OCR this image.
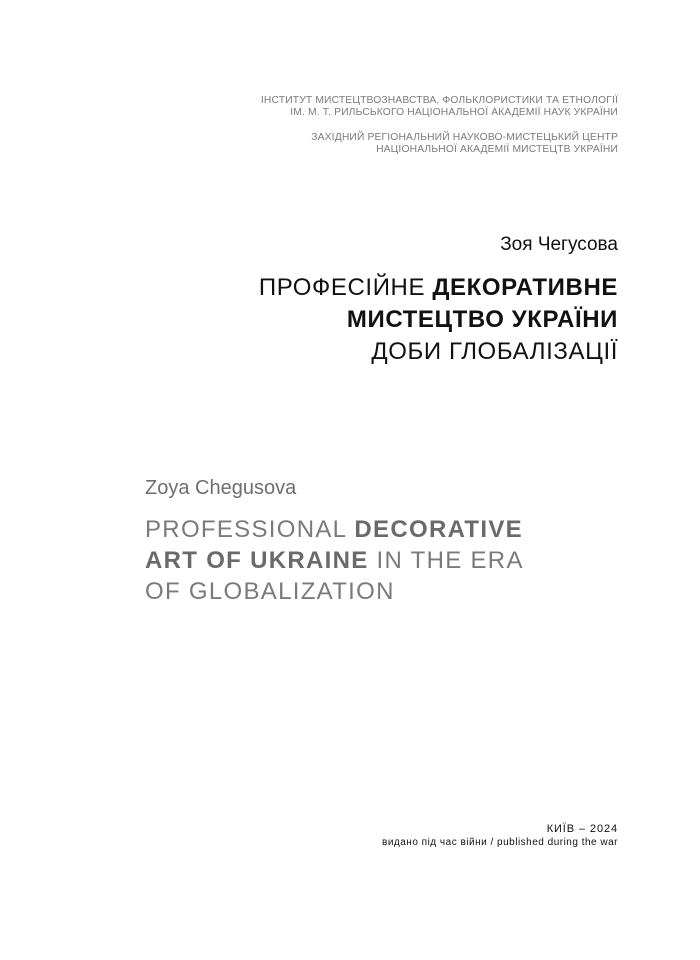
ІНСТИТУТ МИСТЕЦТВОЗНАВСТВА, ФОЛЬКЛОРИСТИКИ ТА ЕТНОЛОГІЇ
ІМ. М. Т. РИЛЬСЬКОГО НАЦІОНАЛЬНОЇ АКАДЕМІЇ НАУК УКРАЇНИ
ЗАХІДНИЙ РЕГІОНАЛЬНИЙ НАУКОВО-МИСТЕЦЬКИЙ ЦЕНТР
НАЦІОНАЛЬНОЇ АКАДЕМІЇ МИСТЕЦТВ УКРАЇНИ
Зоя Чегусова
ПРОФЕСІЙНЕ ДЕКОРАТИВНЕ
МИСТЕЦТВО УКРАЇНИ
ДОБИ ГЛОБАЛІЗАЦІЇ
Zoya Chegusova
PROFESSIONAL DECORATIVE
ART OF UKRAINE IN THE ERA
OF GLOBALIZATION
КИЇВ – 2024
видано під час війни / published during the war
